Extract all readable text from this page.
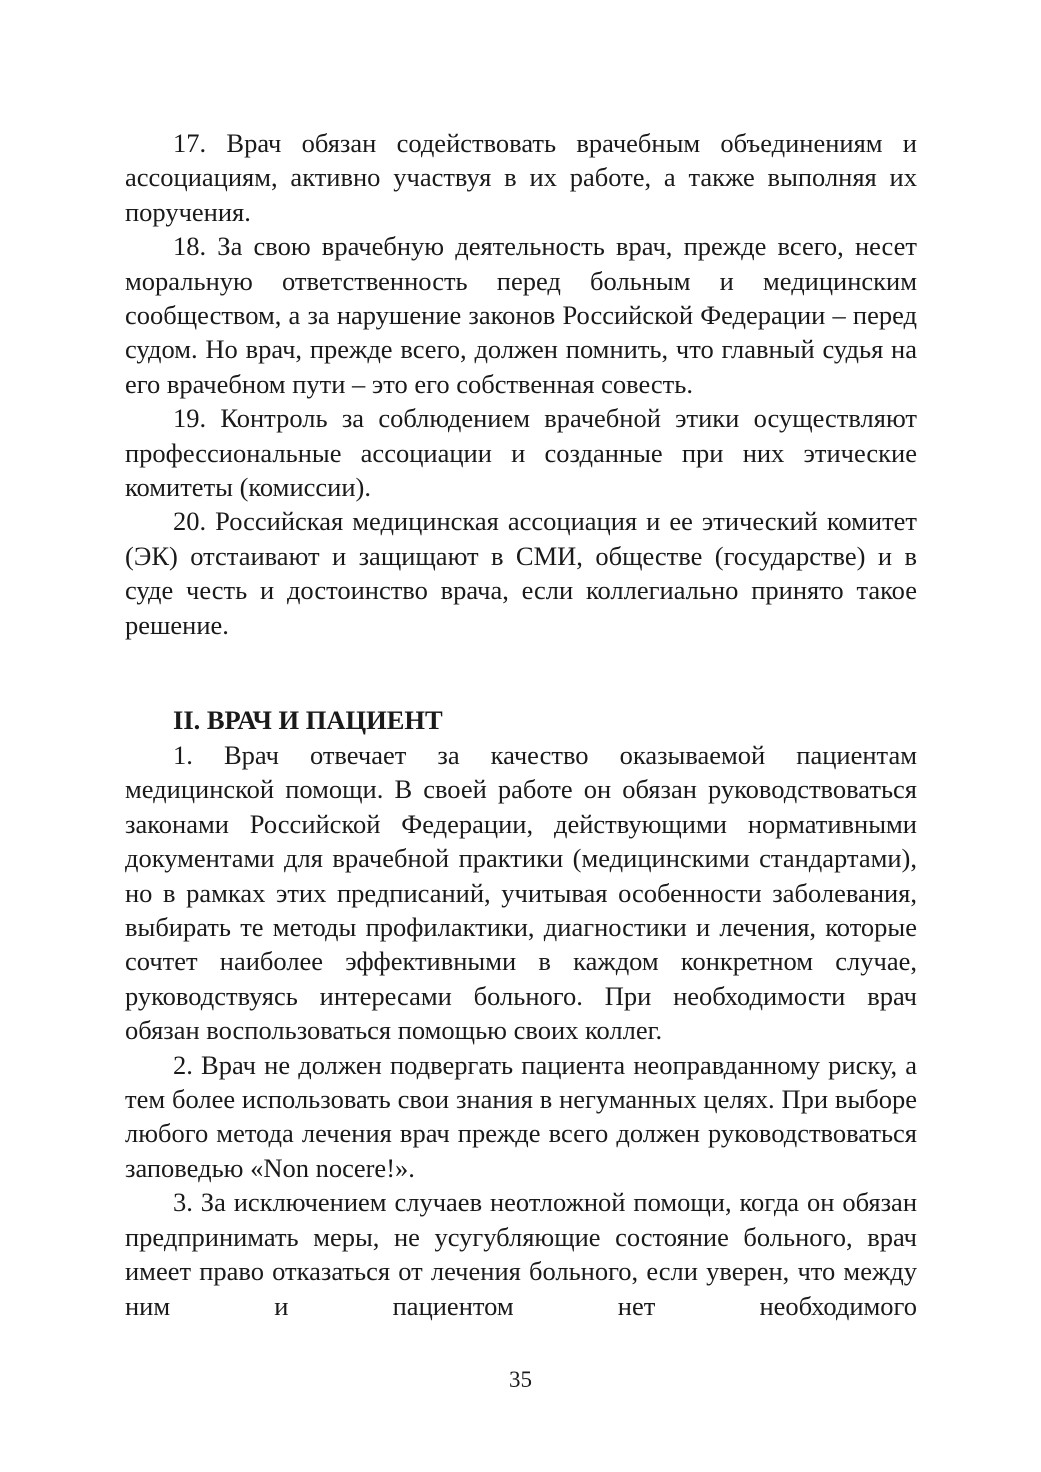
17. Врач обязан содействовать врачебным объединениям и ассоциациям, активно участвуя в их работе, а также выполняя их поручения.

18. За свою врачебную деятельность врач, прежде всего, несет моральную ответственность перед больным и медицинским сообществом, а за нарушение законов Российской Федерации – перед судом. Но врач, прежде всего, должен помнить, что главный судья на его врачебном пути – это его собственная совесть.

19. Контроль за соблюдением врачебной этики осуществляют профессиональные ассоциации и созданные при них этические комитеты (комиссии).

20. Российская медицинская ассоциация и ее этический комитет (ЭК) отстаивают и защищают в СМИ, обществе (государстве) и в суде честь и достоинство врача, если коллегиально принято такое решение.

II. ВРАЧ И ПАЦИЕНТ

1. Врач отвечает за качество оказываемой пациентам медицинской помощи. В своей работе он обязан руководствоваться законами Российской Федерации, действующими нормативными документами для врачебной практики (медицинскими стандартами), но в рамках этих предписаний, учитывая особенности заболевания, выбирать те методы профилактики, диагностики и лечения, которые сочтет наиболее эффективными в каждом конкретном случае, руководствуясь интересами больного. При необходимости врач обязан воспользоваться помощью своих коллег.

2. Врач не должен подвергать пациента неоправданному риску, а тем более использовать свои знания в негуманных целях. При выборе любого метода лечения врач прежде всего должен руководствоваться заповедью «Non nocere!».

3. За исключением случаев неотложной помощи, когда он обязан предпринимать меры, не усугубляющие состояние больного, врач имеет право отказаться от лечения больного, если уверен, что между ним и пациентом нет необходимого

35
